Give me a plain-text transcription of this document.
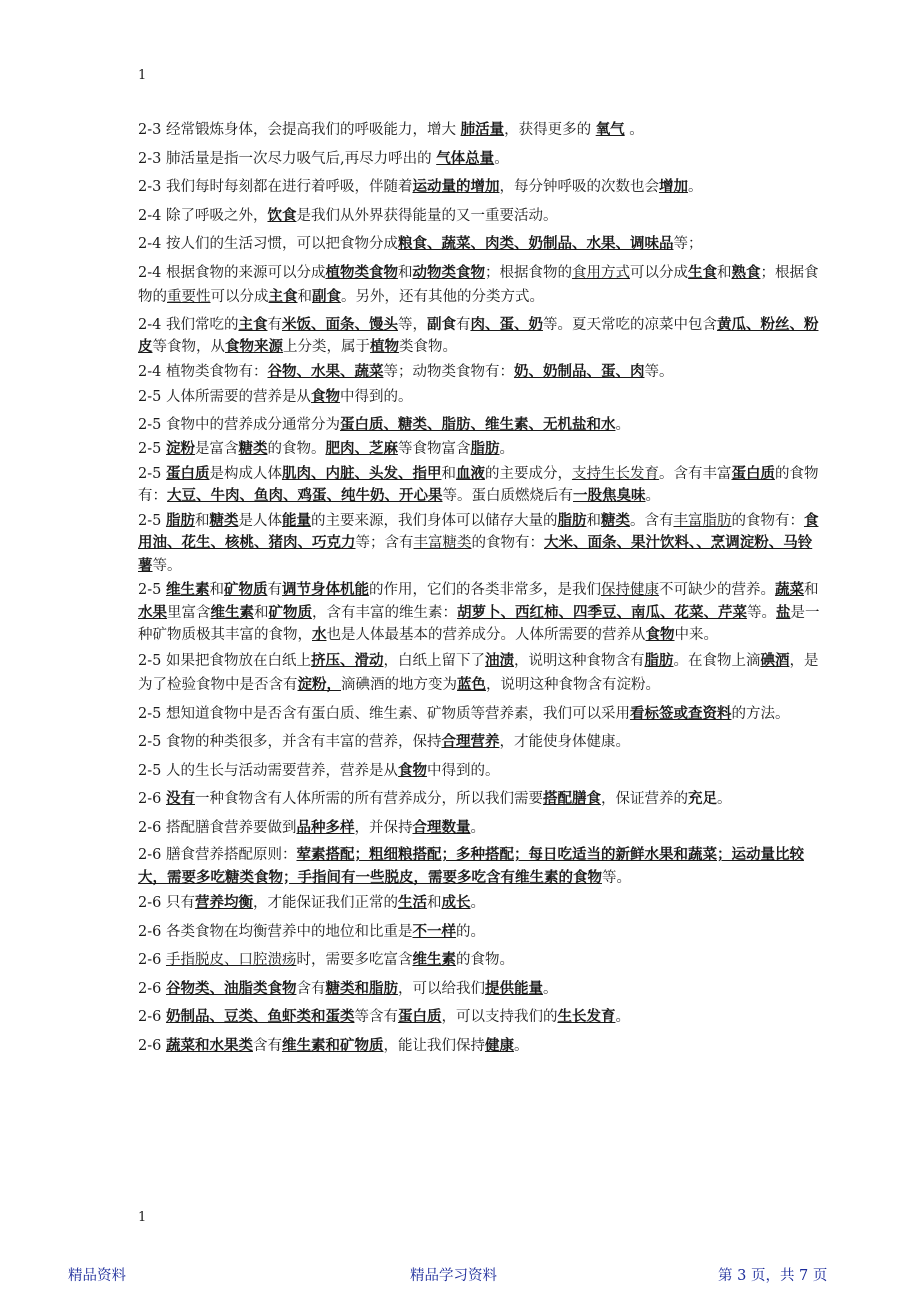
1

2-3 经常锻炼身体，会提高我们的呼吸能力，增大 肺活量，获得更多的 氧气 。

2-3 肺活量是指一次尽力吸气后,再尽力呼出的 气体总量。

2-3 我们每时每刻都在进行着呼吸，伴随着运动量的增加，每分钟呼吸的次数也会增加。

2-4 除了呼吸之外，饮食是我们从外界获得能量的又一重要活动。

2-4 按人们的生活习惯，可以把食物分成粮食、蔬菜、肉类、奶制品、水果、调味品等；

2-4 根据食物的来源可以分成植物类食物和动物类食物；根据食物的食用方式可以分成生食和熟食；根据食物的重要性可以分成主食和副食。另外，还有其他的分类方式。

2-4 我们常吃的主食有米饭、面条、馒头等，副食有肉、蛋、奶等。夏天常吃的凉菜中包含黄瓜、粉丝、粉皮等食物，从食物来源上分类，属于植物类食物。

2-4 植物类食物有：谷物、水果、蔬菜等；动物类食物有：奶、奶制品、蛋、肉等。

2-5 人体所需要的营养是从食物中得到的。

2-5 食物中的营养成分通常分为蛋白质、糖类、脂肪、维生素、无机盐和水。

2-5 淀粉是富含糖类的食物。肥肉、芝麻等食物富含脂肪。

2-5 蛋白质是构成人体肌肉、内脏、头发、指甲和血液的主要成分，支持生长发育。含有丰富蛋白质的食物有：大豆、牛肉、鱼肉、鸡蛋、纯牛奶、开心果等。蛋白质燃烧后有一股焦臭味。

2-5 脂肪和糖类是人体能量的主要来源，我们身体可以储存大量的脂肪和糖类。含有丰富脂肪的食物有：食用油、花生、核桃、猪肉、巧克力等；含有丰富糖类的食物有：大米、面条、果汁饮料、、烹调淀粉、马铃薯等。

2-5 维生素和矿物质有调节身体机能的作用，它们的各类非常多，是我们保持健康不可缺少的营养。蔬菜和水果里富含维生素和矿物质，含有丰富的维生素：胡萝卜、西红柿、四季豆、南瓜、花菜、芹菜等。盐是一种矿物质极其丰富的食物，水也是人体最基本的营养成分。人体所需要的营养从食物中来。

2-5 如果把食物放在白纸上挤压、滑动，白纸上留下了油渍，说明这种食物含有脂肪。在食物上滴碘酒，是为了检验食物中是否含有淀粉，滴碘酒的地方变为蓝色，说明这种食物含有淀粉。

2-5 想知道食物中是否含有蛋白质、维生素、矿物质等营养素，我们可以采用看标签或查资料的方法。

2-5 食物的种类很多，并含有丰富的营养，保持合理营养，才能使身体健康。

2-5 人的生长与活动需要营养，营养是从食物中得到的。

2-6 没有一种食物含有人体所需的所有营养成分，所以我们需要搭配膳食，保证营养的充足。

2-6 搭配膳食营养要做到品种多样，并保持合理数量。

2-6 膳食营养搭配原则：荤素搭配；粗细粮搭配；多种搭配；每日吃适当的新鲜水果和蔬菜；运动量比较大，需要多吃糖类食物；手指间有一些脱皮，需要多吃含有维生素的食物等。

2-6 只有营养均衡，才能保证我们正常的生活和成长。

2-6 各类食物在均衡营养中的地位和比重是不一样的。

2-6 手指脱皮、口腔溃疡时，需要多吃富含维生素的食物。

2-6 谷物类、油脂类食物含有糖类和脂肪，可以给我们提供能量。

2-6 奶制品、豆类、鱼虾类和蛋类等含有蛋白质，可以支持我们的生长发育。

2-6 蔬菜和水果类含有维生素和矿物质，能让我们保持健康。

1
精品资料	精品学习资料	第 3 页，共 7 页
